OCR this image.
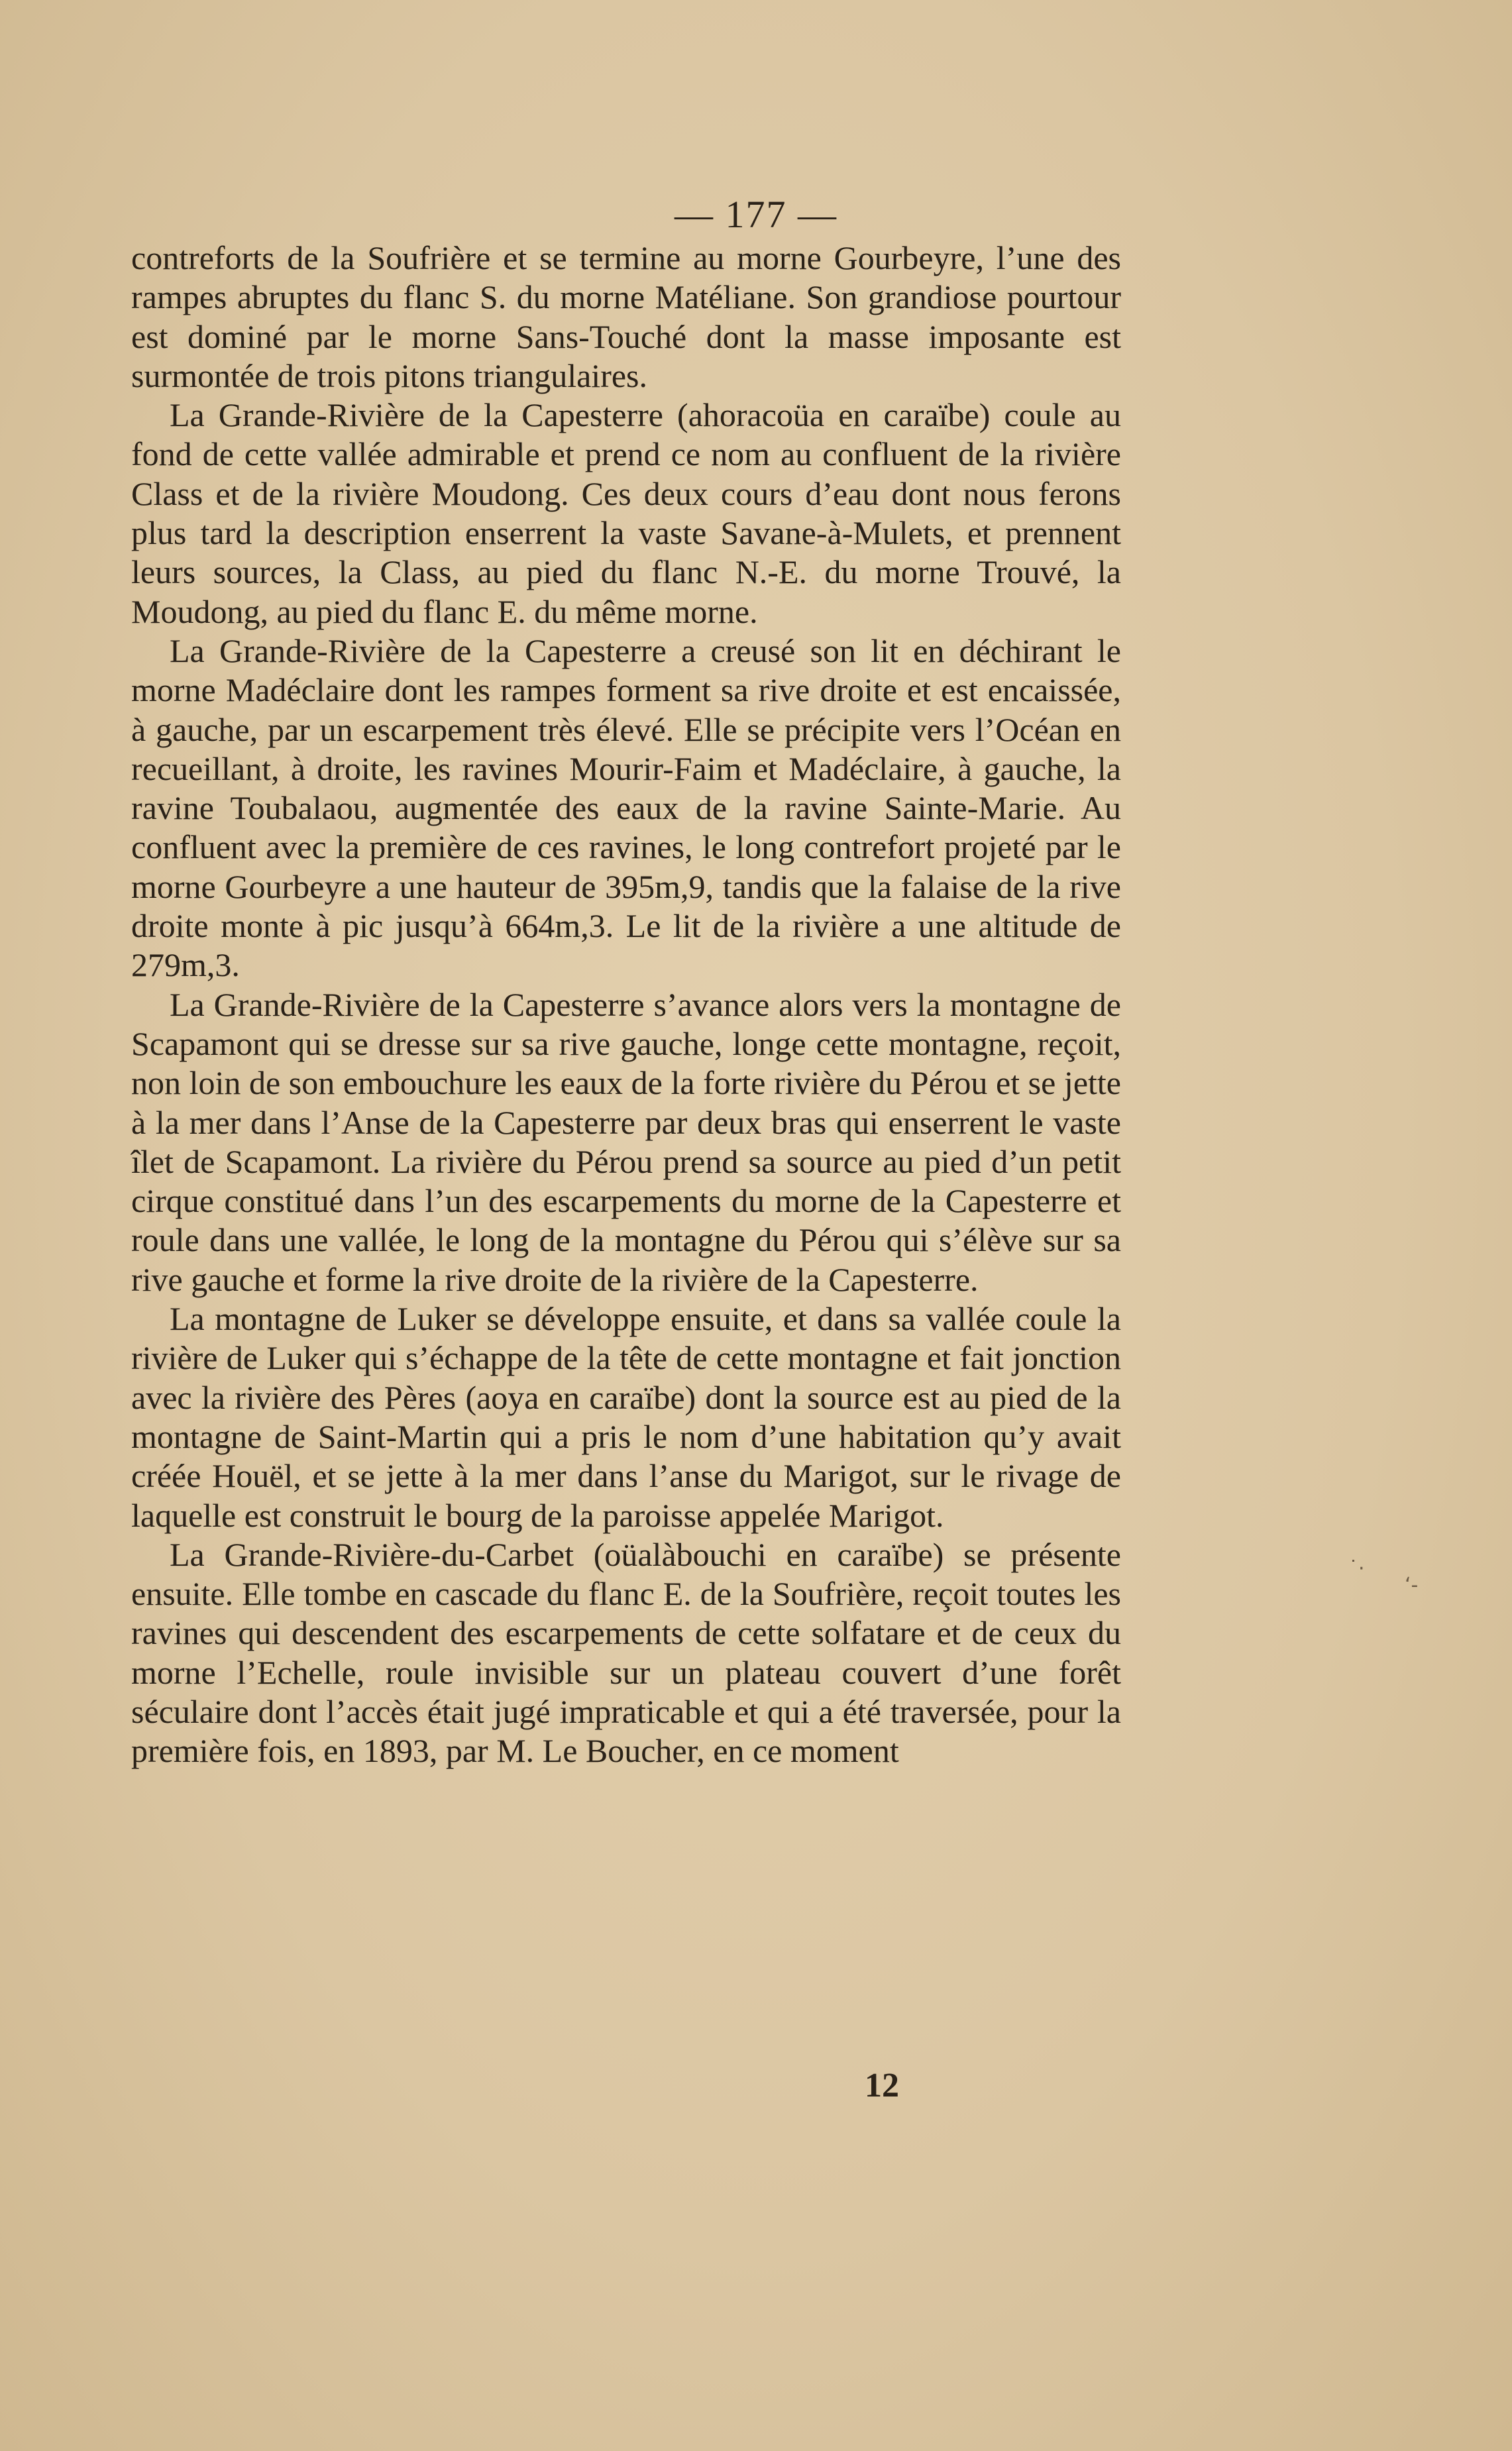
— 177 —

contreforts de la Soufrière et se termine au morne Gourbeyre, l’une des rampes abruptes du flanc S. du morne Matéliane. Son grandiose pourtour est dominé par le morne Sans-Touché dont la masse imposante est surmontée de trois pitons triangulaires.

La Grande-Rivière de la Capesterre (ahoracoüa en caraïbe) coule au fond de cette vallée admirable et prend ce nom au confluent de la rivière Class et de la rivière Moudong. Ces deux cours d’eau dont nous ferons plus tard la description enserrent la vaste Savane-à-Mulets, et prennent leurs sources, la Class, au pied du flanc N.-E. du morne Trouvé, la Moudong, au pied du flanc E. du même morne.

La Grande-Rivière de la Capesterre a creusé son lit en déchirant le morne Madéclaire dont les rampes forment sa rive droite et est encaissée, à gauche, par un escarpement très élevé. Elle se précipite vers l’Océan en recueillant, à droite, les ravines Mourir-Faim et Madéclaire, à gauche, la ravine Toubalaou, augmentée des eaux de la ravine Sainte-Marie. Au confluent avec la première de ces ravines, le long contrefort projeté par le morne Gourbeyre a une hauteur de 395m,9, tandis que la falaise de la rive droite monte à pic jusqu’à 664m,3. Le lit de la rivière a une altitude de 279m,3.

La Grande-Rivière de la Capesterre s’avance alors vers la montagne de Scapamont qui se dresse sur sa rive gauche, longe cette montagne, reçoit, non loin de son embouchure les eaux de la forte rivière du Pérou et se jette à la mer dans l’Anse de la Capesterre par deux bras qui enserrent le vaste îlet de Scapamont. La rivière du Pérou prend sa source au pied d’un petit cirque constitué dans l’un des escarpements du morne de la Capesterre et roule dans une vallée, le long de la montagne du Pérou qui s’élève sur sa rive gauche et forme la rive droite de la rivière de la Capesterre.

La montagne de Luker se développe ensuite, et dans sa vallée coule la rivière de Luker qui s’échappe de la tête de cette montagne et fait jonction avec la rivière des Pères (aoya en caraïbe) dont la source est au pied de la montagne de Saint-Martin qui a pris le nom d’une habitation qu’y avait créée Houël, et se jette à la mer dans l’anse du Marigot, sur le rivage de laquelle est construit le bourg de la paroisse appelée Marigot.

La Grande-Rivière-du-Carbet (oüalàbouchi en caraïbe) se présente ensuite. Elle tombe en cascade du flanc E. de la Soufrière, reçoit toutes les ravines qui descendent des escarpements de cette solfatare et de ceux du morne l’Echelle, roule invisible sur un plateau couvert d’une forêt séculaire dont l’accès était jugé impraticable et qui a été traversée, pour la première fois, en 1893, par M. Le Boucher, en ce moment

12
˙·
ʻ‐
